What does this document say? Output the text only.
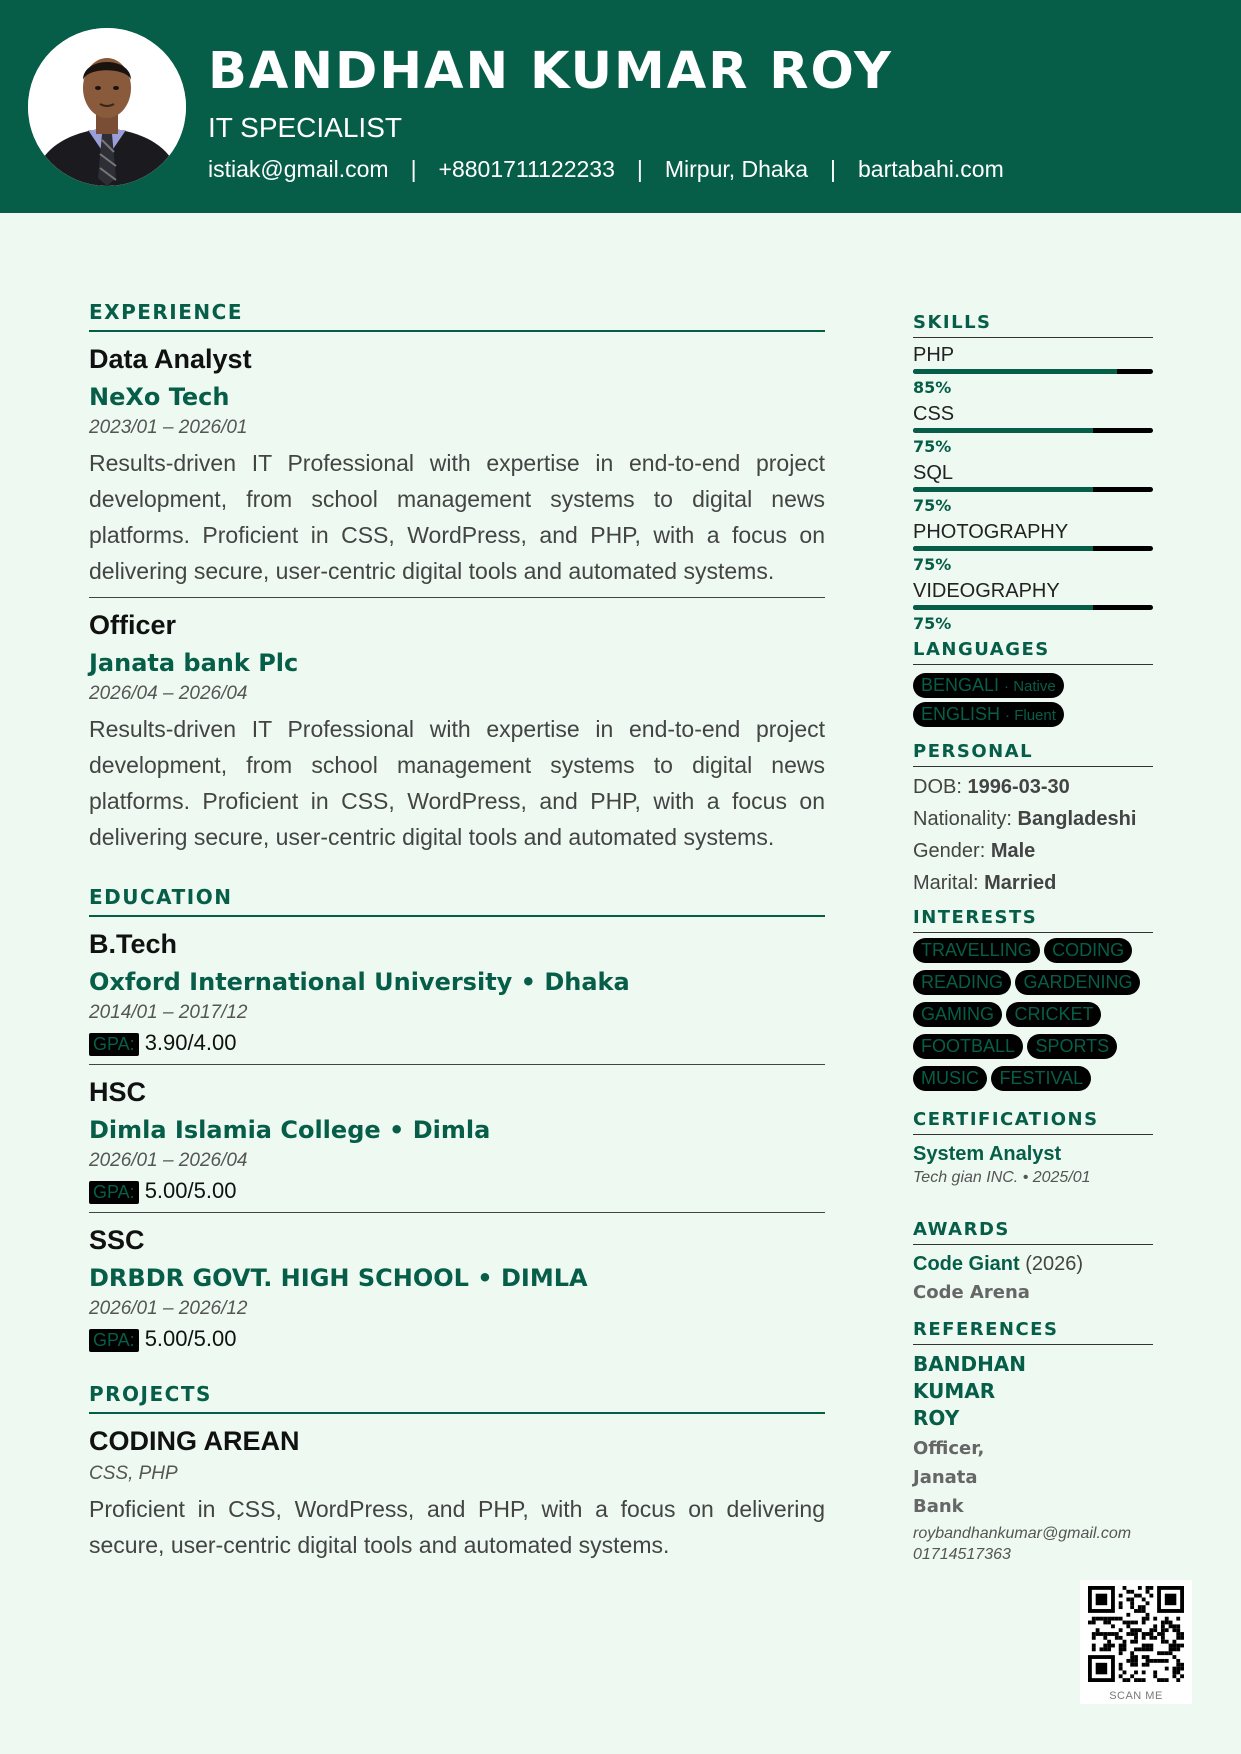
BANDHAN KUMAR ROY
IT SPECIALIST
istiak@gmail.com | +8801711122233 | Mirpur, Dhaka | bartabahi.com
EXPERIENCE
Data Analyst
NeXo Tech
2023/01 – 2026/01
Results-driven IT Professional with expertise in end-to-end project development, from school management systems to digital news platforms. Proficient in CSS, WordPress, and PHP, with a focus on delivering secure, user-centric digital tools and automated systems.
Officer
Janata bank Plc
2026/04 – 2026/04
Results-driven IT Professional with expertise in end-to-end project development, from school management systems to digital news platforms. Proficient in CSS, WordPress, and PHP, with a focus on delivering secure, user-centric digital tools and automated systems.
EDUCATION
B.Tech
Oxford International University • Dhaka
2014/01 – 2017/12
GPA: 3.90/4.00
HSC
Dimla Islamia College • Dimla
2026/01 – 2026/04
GPA: 5.00/5.00
SSC
DRBDR GOVT. HIGH SCHOOL • DIMLA
2026/01 – 2026/12
GPA: 5.00/5.00
PROJECTS
CODING AREAN
CSS, PHP
Proficient in CSS, WordPress, and PHP, with a focus on delivering secure, user-centric digital tools and automated systems.
SKILLS
PHP
85%
CSS
75%
SQL
75%
PHOTOGRAPHY
75%
VIDEOGRAPHY
75%
LANGUAGES
BENGALI · Native
ENGLISH · Fluent
PERSONAL
DOB: 1996-03-30
Nationality: Bangladeshi
Gender: Male
Marital: Married
INTERESTS
TRAVELLING CODING
READING GARDENING
GAMING CRICKET
FOOTBALL SPORTS
MUSIC FESTIVAL
CERTIFICATIONS
System Analyst
Tech gian INC. • 2025/01
http://techgian.com/cert
AWARDS
Code Giant (2026)
Code Arena
REFERENCES
BANDHAN KUMAR ROY
Officer, Janata Bank
roybandhankumar@gmail.com
01714517363
SCAN ME
